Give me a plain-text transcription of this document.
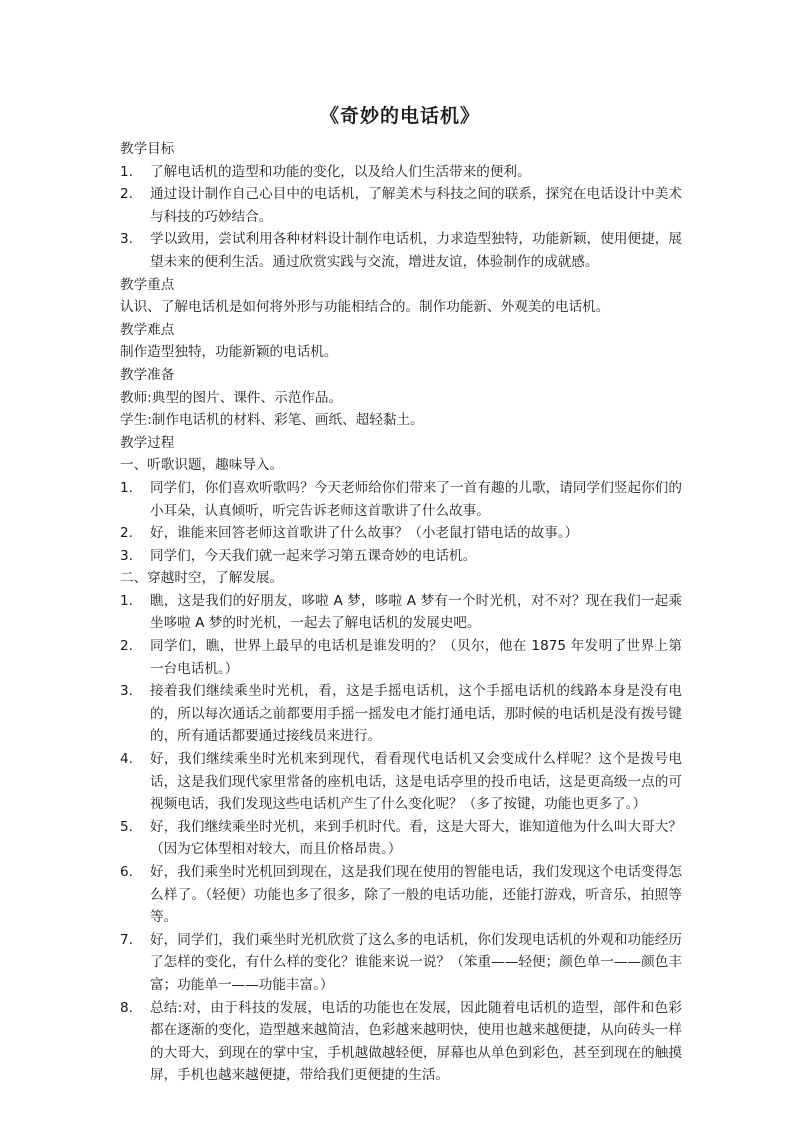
《奇妙的电话机》

教学目标

1.	了解电话机的造型和功能的变化，以及给人们生活带来的便利。
2.	通过设计制作自己心目中的电话机，了解美术与科技之间的联系，探究在电话设计中美术与科技的巧妙结合。
3.	学以致用，尝试利用各种材料设计制作电话机，力求造型独特，功能新颖，使用便捷，展望未来的便利生活。通过欣赏实践与交流，增进友谊，体验制作的成就感。

教学重点

认识、了解电话机是如何将外形与功能相结合的。制作功能新、外观美的电话机。

教学难点

制作造型独特，功能新颖的电话机。

教学准备

教师:典型的图片、课件、示范作品。

学生:制作电话机的材料、彩笔、画纸、超轻黏土。

教学过程

一、听歌识题，趣味导入。

1.	同学们，你们喜欢听歌吗？今天老师给你们带来了一首有趣的儿歌，请同学们竖起你们的小耳朵，认真倾听，听完告诉老师这首歌讲了什么故事。
2.	好，谁能来回答老师这首歌讲了什么故事？（小老鼠打错电话的故事。）
3.	同学们，今天我们就一起来学习第五课奇妙的电话机。

二、穿越时空，了解发展。

1.	瞧，这是我们的好朋友，哆啦 A 梦，哆啦 A 梦有一个时光机，对不对？现在我们一起乘坐哆啦 A 梦的时光机，一起去了解电话机的发展史吧。
2.	同学们，瞧，世界上最早的电话机是谁发明的？（贝尔，他在 1875 年发明了世界上第一台电话机。）
3.	接着我们继续乘坐时光机，看，这是手摇电话机，这个手摇电话机的线路本身是没有电的，所以每次通话之前都要用手摇一摇发电才能打通电话，那时候的电话机是没有拨号键的，所有通话都要通过接线员来进行。
4.	好，我们继续乘坐时光机来到现代，看看现代电话机又会变成什么样呢？这个是拨号电话，这是我们现代家里常备的座机电话，这是电话亭里的投币电话，这是更高级一点的可视频电话，我们发现这些电话机产生了什么变化呢？（多了按键，功能也更多了。）
5.	好，我们继续乘坐时光机，来到手机时代。看，这是大哥大，谁知道他为什么叫大哥大？（因为它体型相对较大，而且价格昂贵。）
6.	好，我们乘坐时光机回到现在，这是我们现在使用的智能电话，我们发现这个电话变得怎么样了。（轻便）功能也多了很多，除了一般的电话功能，还能打游戏，听音乐，拍照等等。
7.	好，同学们，我们乘坐时光机欣赏了这么多的电话机，你们发现电话机的外观和功能经历了怎样的变化，有什么样的变化？谁能来说一说？（笨重——轻便；颜色单一——颜色丰富；功能单一——功能丰富。）
8.	总结:对，由于科技的发展，电话的功能也在发展，因此随着电话机的造型，部件和色彩都在逐渐的变化，造型越来越简洁，色彩越来越明快，使用也越来越便捷，从向砖头一样的大哥大，到现在的掌中宝，手机越做越轻便，屏幕也从单色到彩色，甚至到现在的触摸屏，手机也越来越便捷，带给我们更便捷的生活。
